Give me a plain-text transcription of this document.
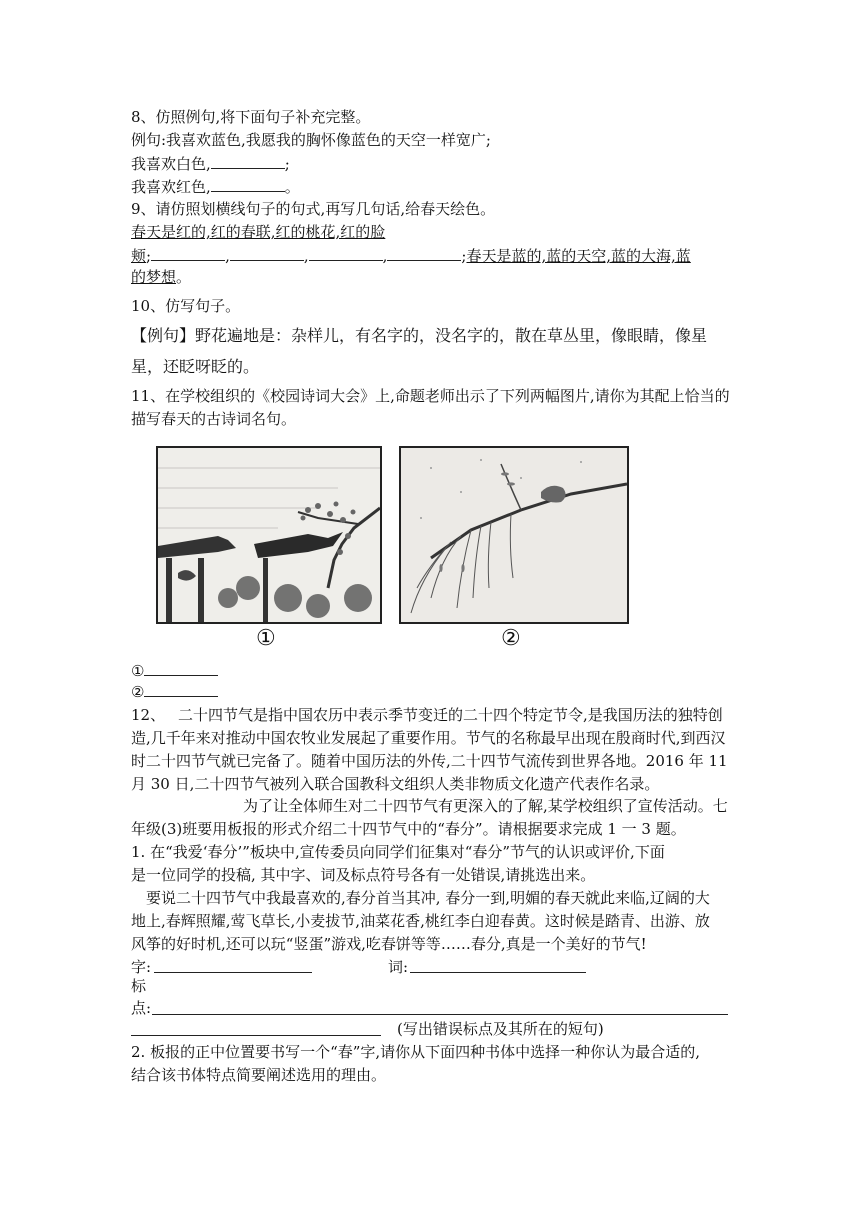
8、仿照例句,将下面句子补充完整。
例句:我喜欢蓝色,我愿我的胸怀像蓝色的天空一样宽广;
我喜欢白色,	;
我喜欢红色,	。
9、请仿照划横线句子的句式,再写几句话,给春天绘色。
春天是红的,红的春联,红的桃花,红的脸
颊;	,	,	,	;春天是蓝的,蓝的天空,蓝的大海,蓝
的梦想。
10、仿写句子。
【例句】野花遍地是：杂样儿，有名字的，没名字的，散在草丛里，像眼睛，像星
星，还眨呀眨的。
11、在学校组织的《校园诗词大会》上,命题老师出示了下列两幅图片,请你为其配上恰当的
描写春天的古诗词名句。
①	②
①
②
12、 二十四节气是指中国农历中表示季节变迁的二十四个特定节令,是我国历法的独特创
造,几千年来对推动中国农牧业发展起了重要作用。节气的名称最早出现在殷商时代,到西汉
时二十四节气就已完备了。随着中国历法的外传,二十四节气流传到世界各地。2016 年 11
月 30 日,二十四节气被列入联合国教科文组织人类非物质文化遗产代表作名录。
为了让全体师生对二十四节气有更深入的了解,某学校组织了宣传活动。七
年级(3)班要用板报的形式介绍二十四节气中的“春分”。请根据要求完成 1 一 3 题。
1. 在“我爱‘春分’”板块中,宣传委员向同学们征集对“春分”节气的认识或评价,下面
是一位同学的投稿, 其中字、词及标点符号各有一处错误,请挑选出来。
要说二十四节气中我最喜欢的,春分首当其冲, 春分一到,明媚的春天就此来临,辽阔的大
地上,春辉照耀,莺飞草长,小麦拔节,油菜花香,桃红李白迎春黄。这时候是踏青、出游、放
风筝的好时机,还可以玩“竖蛋”游戏,吃春饼等等……春分,真是一个美好的节气!
字:	词:
标
点:
(写出错误标点及其所在的短句)
2. 板报的正中位置要书写一个“春”字,请你从下面四种书体中选择一种你认为最合适的,
结合该书体特点简要阐述选用的理由。
